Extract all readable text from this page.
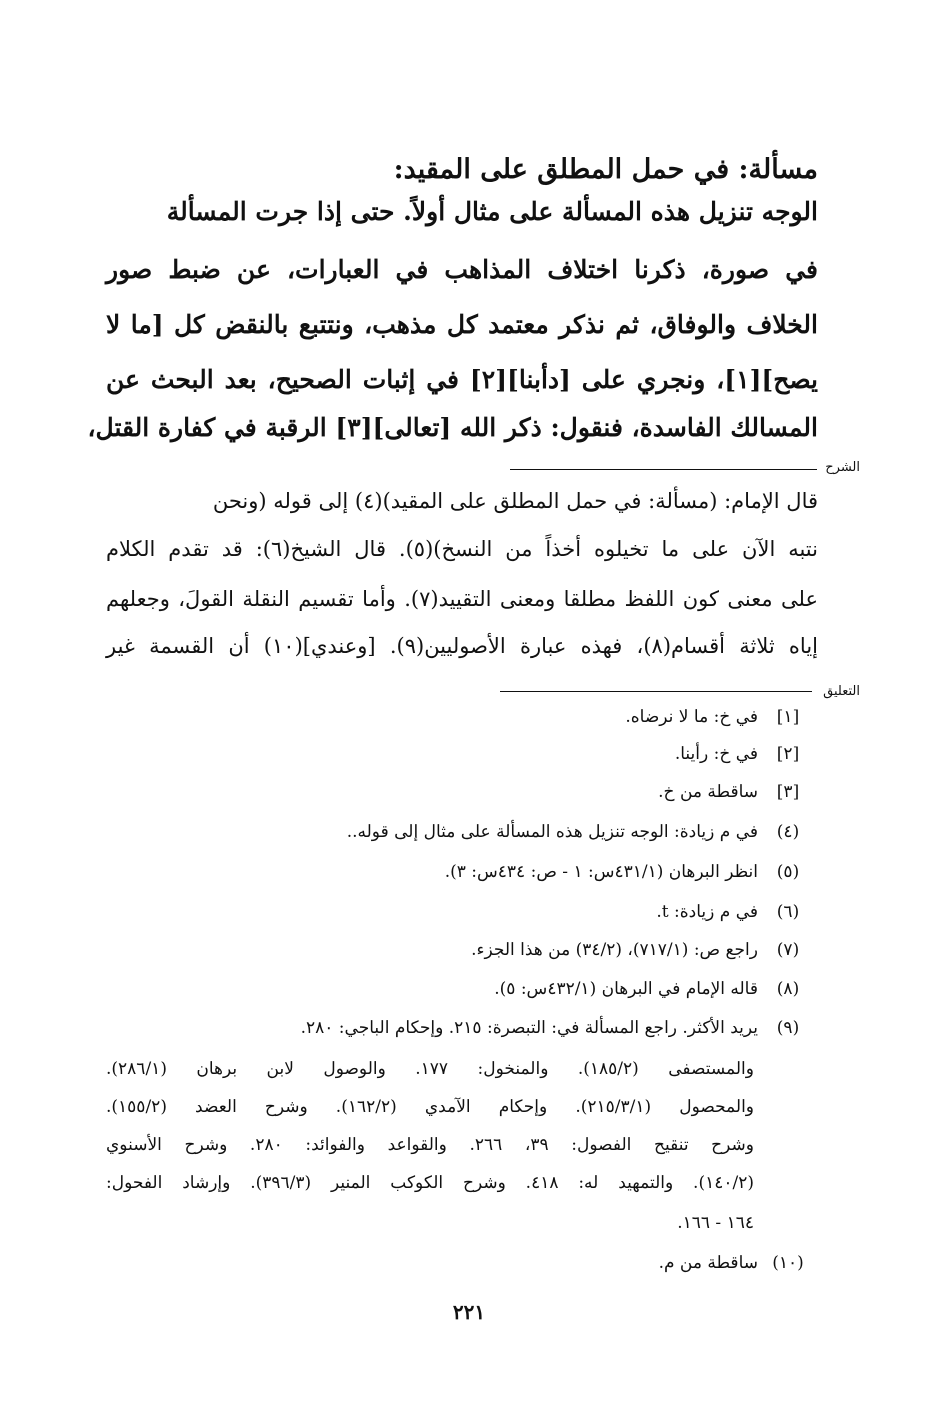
مسألة: في حمل المطلق على المقيد:
الوجه تنزيل هذه المسألة على مثال أولاً. حتى إذا جرت المسألة
في صورة، ذكرنا اختلاف المذاهب في العبارات، عن ضبط صور
الخلاف والوفاق، ثم نذكر معتمد كل مذهب، ونتتبع بالنقض كل [ما لا
يصح][١]، ونجري على [دأبنا][٢] في إثبات الصحيح، بعد البحث عن
المسالك الفاسدة، فنقول: ذكر الله [تعالى][٣] الرقبة في كفارة القتل،
الشرح
قال الإمام: (مسألة: في حمل المطلق على المقيد)(٤) إلى قوله (ونحن
نتبه الآن على ما تخيلوه أخذاً من النسخ)(٥). قال الشيخ(٦): قد تقدم الكلام
على معنى كون اللفظ مطلقا ومعنى التقييد(٧). وأما تقسيم النقلة القولَ، وجعلهم
إياه ثلاثة أقسام(٨)، فهذه عبارة الأصوليين(٩). [وعندي](١٠) أن القسمة غير
التعليق
[١]في خ: ما لا نرضاه.
[٢]في خ: رأينا.
[٣]ساقطة من خ.
(٤)في م زيادة: الوجه تنزيل هذه المسألة على مثال إلى قوله..
(٥)انظر البرهان (٤٣١/١س: ١ - ص: ٤٣٤س: ٣).
(٦)في م زيادة: t.
(٧)راجع ص: (٧١٧/١)، (٣٤/٢) من هذا الجزء.
(٨)قاله الإمام في البرهان (٤٣٢/١س: ٥).
(٩)يريد الأكثر. راجع المسألة في: التبصرة: ٢١٥. وإحكام الباجي: ٢٨٠.
والمستصفى (١٨٥/٢). والمنخول: ١٧٧. والوصول لابن برهان (٢٨٦/١).
والمحصول (٢١٥/٣/١). وإحكام الآمدي (١٦٢/٢). وشرح العضد (١٥٥/٢).
وشرح تنقيح الفصول: ٣٩، ٢٦٦. والقواعد والفوائد: ٢٨٠. وشرح الأسنوي
(١٤٠/٢). والتمهيد له: ٤١٨. وشرح الكوكب المنير (٣٩٦/٣). وإرشاد الفحول:
١٦٤ - ١٦٦.
(١٠)ساقطة من م.
٢٢١
